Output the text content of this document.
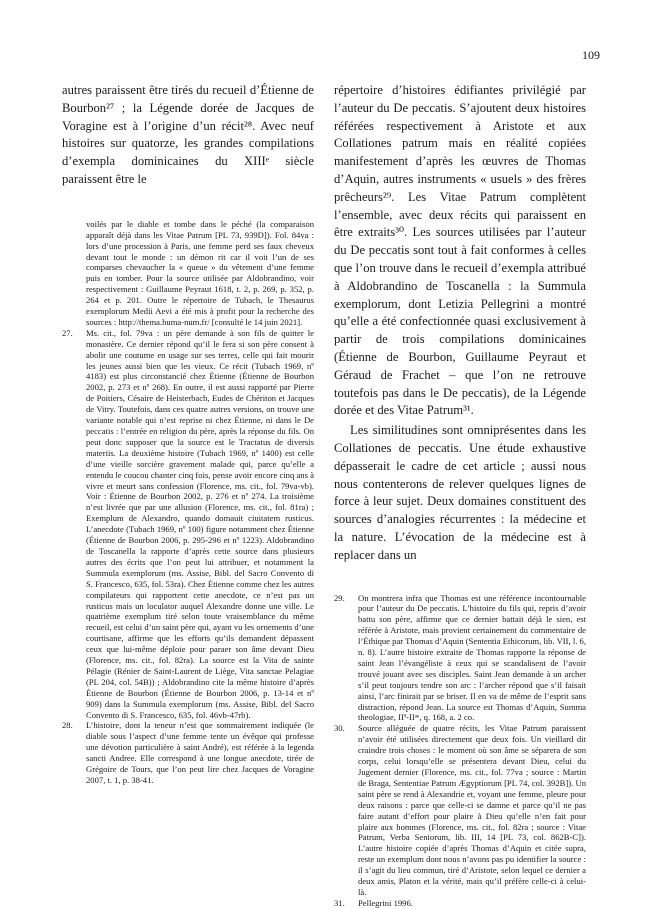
109

autres paraissent être tirés du recueil d’Étienne de Bourbon²⁷ ; la Légende dorée de Jacques de Voragine est à l’origine d’un récit²⁸. Avec neuf histoires sur quatorze, les grandes compilations d’exempla dominicaines du XIIIᵉ siècle paraissent être le

voilés par le diable et tombe dans le péché (la comparaison apparaît déjà dans les Vitae Patrum [PL 73, 939D]). Fol. 84va : lors d’une procession à Paris, une femme perd ses faux cheveux devant tout le monde : un démon rit car il voit l’un de ses comparses chevaucher la « queue » du vêtement d’une femme puis en tomber. Pour la source utilisée par Aldobrandino, voir respectivement : Guillaume Peyraut 1618, t. 2, p. 269, p. 352, p. 264 et p. 201. Outre le répertoire de Tubach, le Thesaurus exemplorum Medii Aevi a été mis à profit pour la recherche des sources : http://thema.huma-num.fr/ [consulté le 14 juin 2021].

27. Ms. cit., fol. 79va : un père demande à son fils de quitter le monastère. Ce dernier répond qu’il le fera si son père consent à abolir une coutume en usage sur ses terres, celle qui fait mourir les jeunes aussi bien que les vieux. Ce récit (Tubach 1969, nº 4183) est plus circonstancié chez Étienne (Étienne de Bourbon 2002, p. 273 et nº 268). En outre, il est aussi rapporté par Pierre de Poitiers, Césaire de Heisterbach, Eudes de Chériton et Jacques de Vitry. Toutefois, dans ces quatre autres versions, on trouve une variante notable qui n’est reprise ni chez Étienne, ni dans le De peccatis : l’entrée en religion du père, après la réponse du fils. On peut donc supposer que la source est le Tractatus de diversis materiis. La deuxième histoire (Tubach 1969, nº 1400) est celle d’une vieille sorcière gravement malade qui, parce qu’elle a entendu le coucou chanter cinq fois, pense avoir encore cinq ans à vivre et meurt sans confession (Florence, ms. cit., fol. 79va-vb). Voir : Étienne de Bourbon 2002, p. 276 et nº 274. La troisième n’est livrée que par une allusion (Florence, ms. cit., fol. 81ra) ; Exemplum de Alexandro, quando domauit ciuitatem rusticus. L’anecdote (Tubach 1969, nº 100) figure notamment chez Étienne (Étienne de Bourbon 2006, p. 295-296 et nº 1223). Aldobrandino de Toscanella la rapporte d’après cette source dans plusieurs autres des écrits que l’on peut lui attribuer, et notamment la Summula exemplorum (ms. Assise, Bibl. del Sacro Convento di S. Francesco, 635, fol. 53ra). Chez Étienne comme chez les autres compilateurs qui rapportent cette anecdote, ce n’est pas un rusticus mais un loculator auquel Alexandre donne une ville. Le quatrième exemplum tiré selon toute vraisemblance du même recueil, est celui d’un saint père qui, ayant vu les ornements d’une courtisane, affirme que les efforts qu’ils demandent dépassent ceux que lui-même déploie pour paraer son âme devant Dieu (Florence, ms. cit., fol. 82ra). La source est la Vita de sainte Pélagie (Rénier de Saint-Laurent de Liège, Vita sanctae Pelagiae (PL 204, col. 54B)) ; Aldobrandino cite la même histoire d’après Étienne de Bourbon (Étienne de Bourbon 2006, p. 13-14 et nº 909) dans la Summula exemplorum (ms. Assise, Bibl. del Sacro Convento di S. Francesco, 635, fol. 46vb-47rb).
28. L’histoire, dont la teneur n’est que sommairement indiquée (le diable sous l’aspect d’une femme tente un évêque qui professe une dévotion particulière à saint André), est référée à la legenda sancti Andree. Elle correspond à une longue anecdote, tirée de Grégoire de Tours, que l’on peut lire chez Jacques de Voragine 2007, t. 1, p. 38-41.

répertoire d’histoires édifiantes privilégié par l’auteur du De peccatis. S’ajoutent deux histoires référées respectivement à Aristote et aux Collationes patrum mais en réalité copiées manifestement d’après les œuvres de Thomas d’Aquin, autres instruments « usuels » des frères prêcheurs²⁹. Les Vitae Patrum complètent l’ensemble, avec deux récits qui paraissent en être extraits³⁰. Les sources utilisées par l’auteur du De peccatis sont tout à fait conformes à celles que l’on trouve dans le recueil d’exempla attribué à Aldobrandino de Toscanella : la Summula exemplorum, dont Letizia Pellegrini a montré qu’elle a été confectionnée quasi exclusivement à partir de trois compilations dominicaines (Étienne de Bourbon, Guillaume Peyraut et Géraud de Frachet – que l’on ne retrouve toutefois pas dans le De peccatis), de la Légende dorée et des Vitae Patrum³¹.

Les similitudines sont omniprésentes dans les Collationes de peccatis. Une étude exhaustive dépasserait le cadre de cet article ; aussi nous nous contenterons de relever quelques lignes de force à leur sujet. Deux domaines constituent des sources d’analogies récurrentes : la médecine et la nature. L’évocation de la médecine est à replacer dans un

29. On montrera infra que Thomas est une référence incontournable pour l’auteur du De peccatis. L’histoire du fils qui, repris d’avoir battu son père, affirme que ce dernier battait déjà le sien, est référée à Aristote, mais provient certainement du commentaire de l’Éthique par Thomas d’Aquin (Sententia Ethicorum, lib. VII, l. 6, n. 8). L’autre histoire extraite de Thomas rapporte la réponse de saint Jean l’évangéliste à ceux qui se scandalisent de l’avoir trouvé jouant avec ses disciples. Saint Jean demande à un archer s’il peut toujours tendre son arc : l’archer répond que s’il faisait ainsi, l’arc finirait par se briser. Il en va de même de l’esprit sans distraction, répond Jean. La source est Thomas d’Aquin, Summa theologiae, IIª-IIᵃᵉ, q. 168, a. 2 co.
30. Source alléguée de quatre récits, les Vitae Patrum paraissent n’avoir été utilisées directement que deux fois. Un vieillard dit craindre trois choses : le moment où son âme se séparera de son corps, celui lorsqu’elle se présentera devant Dieu, celui du Jugement dernier (Florence, ms. cit., fol. 77va ; source : Martin de Braga, Sententiae Patrum Ægyptiorum [PL 74, col. 392B]). Un saint père se rend à Alexandrie et, voyant une femme, pleure pour deux raisons : parce que celle-ci se damne et parce qu’il ne pas faire autant d’effort pour plaire à Dieu qu’elle n’en fait pour plaire aux hommes (Florence, ms. cit., fol. 82ra ; source : Vitae Patrum, Verba Seniorum, lib. III, 14 [PL 73, col. 862B-C]). L’autre histoire copiée d’après Thomas d’Aquin et citée supra, reste un exemplum dont nous n’avons pas pu identifier la source : il s’agit du lieu commun, tiré d’Aristote, selon lequel ce dernier a deux amis, Platon et la vérité, mais qu’il préfère celle-ci à celui-là.
31. Pellegrini 1996.
